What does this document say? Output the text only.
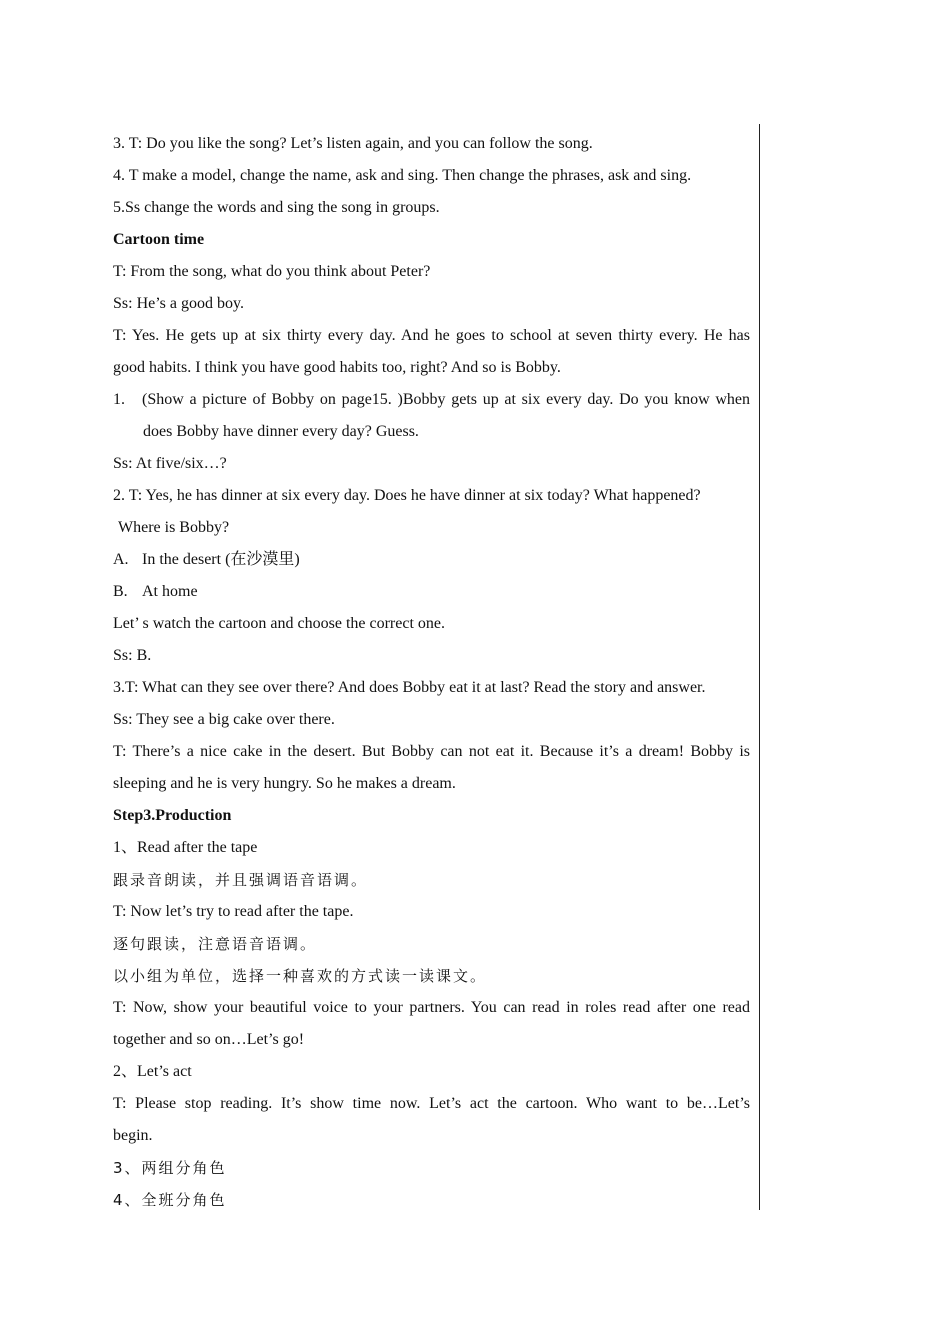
3. T: Do you like the song? Let’s listen again, and you can follow the song.
4. T make a model, change the name, ask and sing. Then change the phrases, ask and sing.
5.Ss change the words and sing the song in groups.
Cartoon time
T: From the song, what do you think about Peter?
Ss: He’s a good boy.
T: Yes. He gets up at six thirty every day. And he goes to school at seven thirty every. He has
good habits. I think you have good habits too, right? And so is Bobby.
1. (Show a picture of Bobby on page15. )Bobby gets up at six every day. Do you know when
does Bobby have dinner every day? Guess.
Ss: At five/six…?
2. T: Yes, he has dinner at six every day. Does he have dinner at six today? What happened?
Where is Bobby?
A. In the desert (在沙漠里)
B. At home
Let’ s watch the cartoon and choose the correct one.
Ss: B.
3.T: What can they see over there? And does Bobby eat it at last? Read the story and answer.
Ss: They see a big cake over there.
T: There’s a nice cake in the desert. But Bobby can not eat it. Because it’s a dream! Bobby is
sleeping and he is very hungry. So he makes a dream.
Step3.Production
1、Read after the tape
跟录音朗读，并且强调语音语调。
T: Now let’s try to read after the tape.
逐句跟读，注意语音语调。
以小组为单位，选择一种喜欢的方式读一读课文。
T: Now, show your beautiful voice to your partners. You can read in roles read after one read
together and so on…Let’s go!
2、Let’s act
T: Please stop reading. It’s show time now. Let’s act the cartoon. Who want to be…Let’s
begin.
3、两组分角色
4、全班分角色
